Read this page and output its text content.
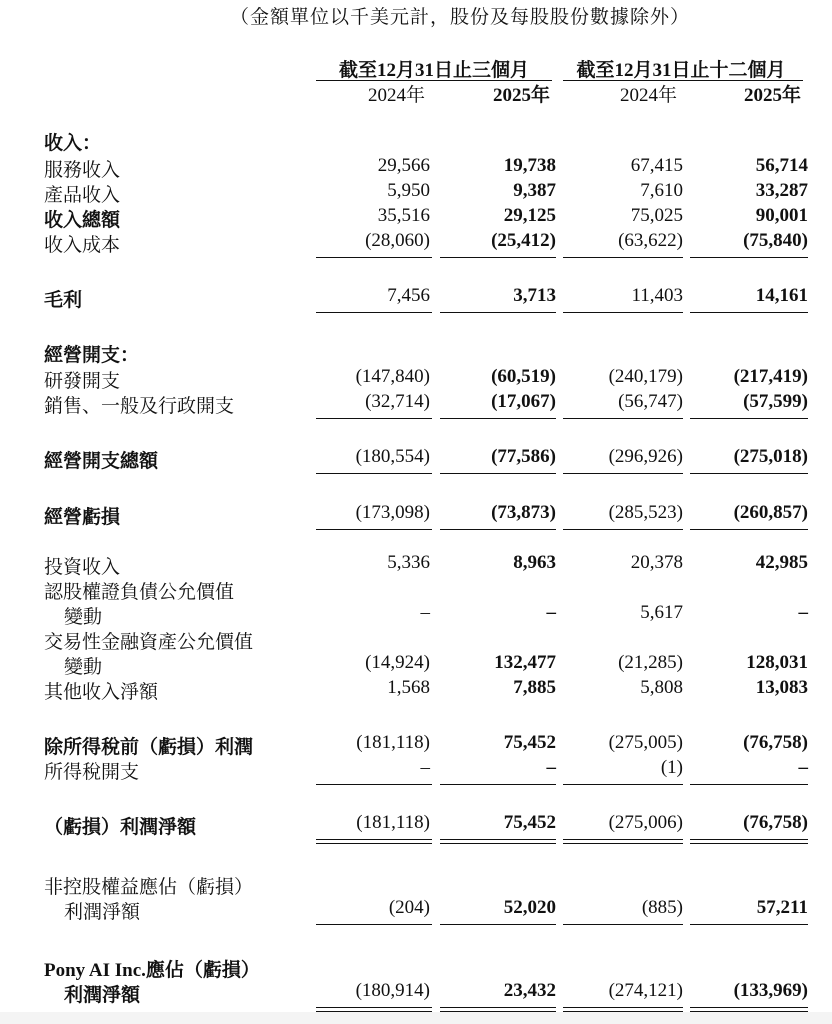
（金額單位以千美元計，股份及每股股份數據除外）
截至12月31日止三個月	截至12月31日止十二個月
2024年	2025年	2024年	2025年
收入：
服務收入	29,566	19,738	67,415	56,714
產品收入	5,950	9,387	7,610	33,287
收入總額	35,516	29,125	75,025	90,001
收入成本	(28,060)	(25,412)	(63,622)	(75,840)
毛利	7,456	3,713	11,403	14,161
經營開支：
研發開支	(147,840)	(60,519)	(240,179)	(217,419)
銷售、一般及行政開支	(32,714)	(17,067)	(56,747)	(57,599)
經營開支總額	(180,554)	(77,586)	(296,926)	(275,018)
經營虧損	(173,098)	(73,873)	(285,523)	(260,857)
投資收入	5,336	8,963	20,378	42,985
認股權證負債公允價值
變動	–	–	5,617	–
交易性金融資產公允價值
變動	(14,924)	132,477	(21,285)	128,031
其他收入淨額	1,568	7,885	5,808	13,083
除所得稅前（虧損）利潤	(181,118)	75,452	(275,005)	(76,758)
所得稅開支	–	–	(1)	–
（虧損）利潤淨額	(181,118)	75,452	(275,006)	(76,758)
非控股權益應佔（虧損）
利潤淨額	(204)	52,020	(885)	57,211
Pony AI Inc.應佔（虧損）
利潤淨額	(180,914)	23,432	(274,121)	(133,969)
